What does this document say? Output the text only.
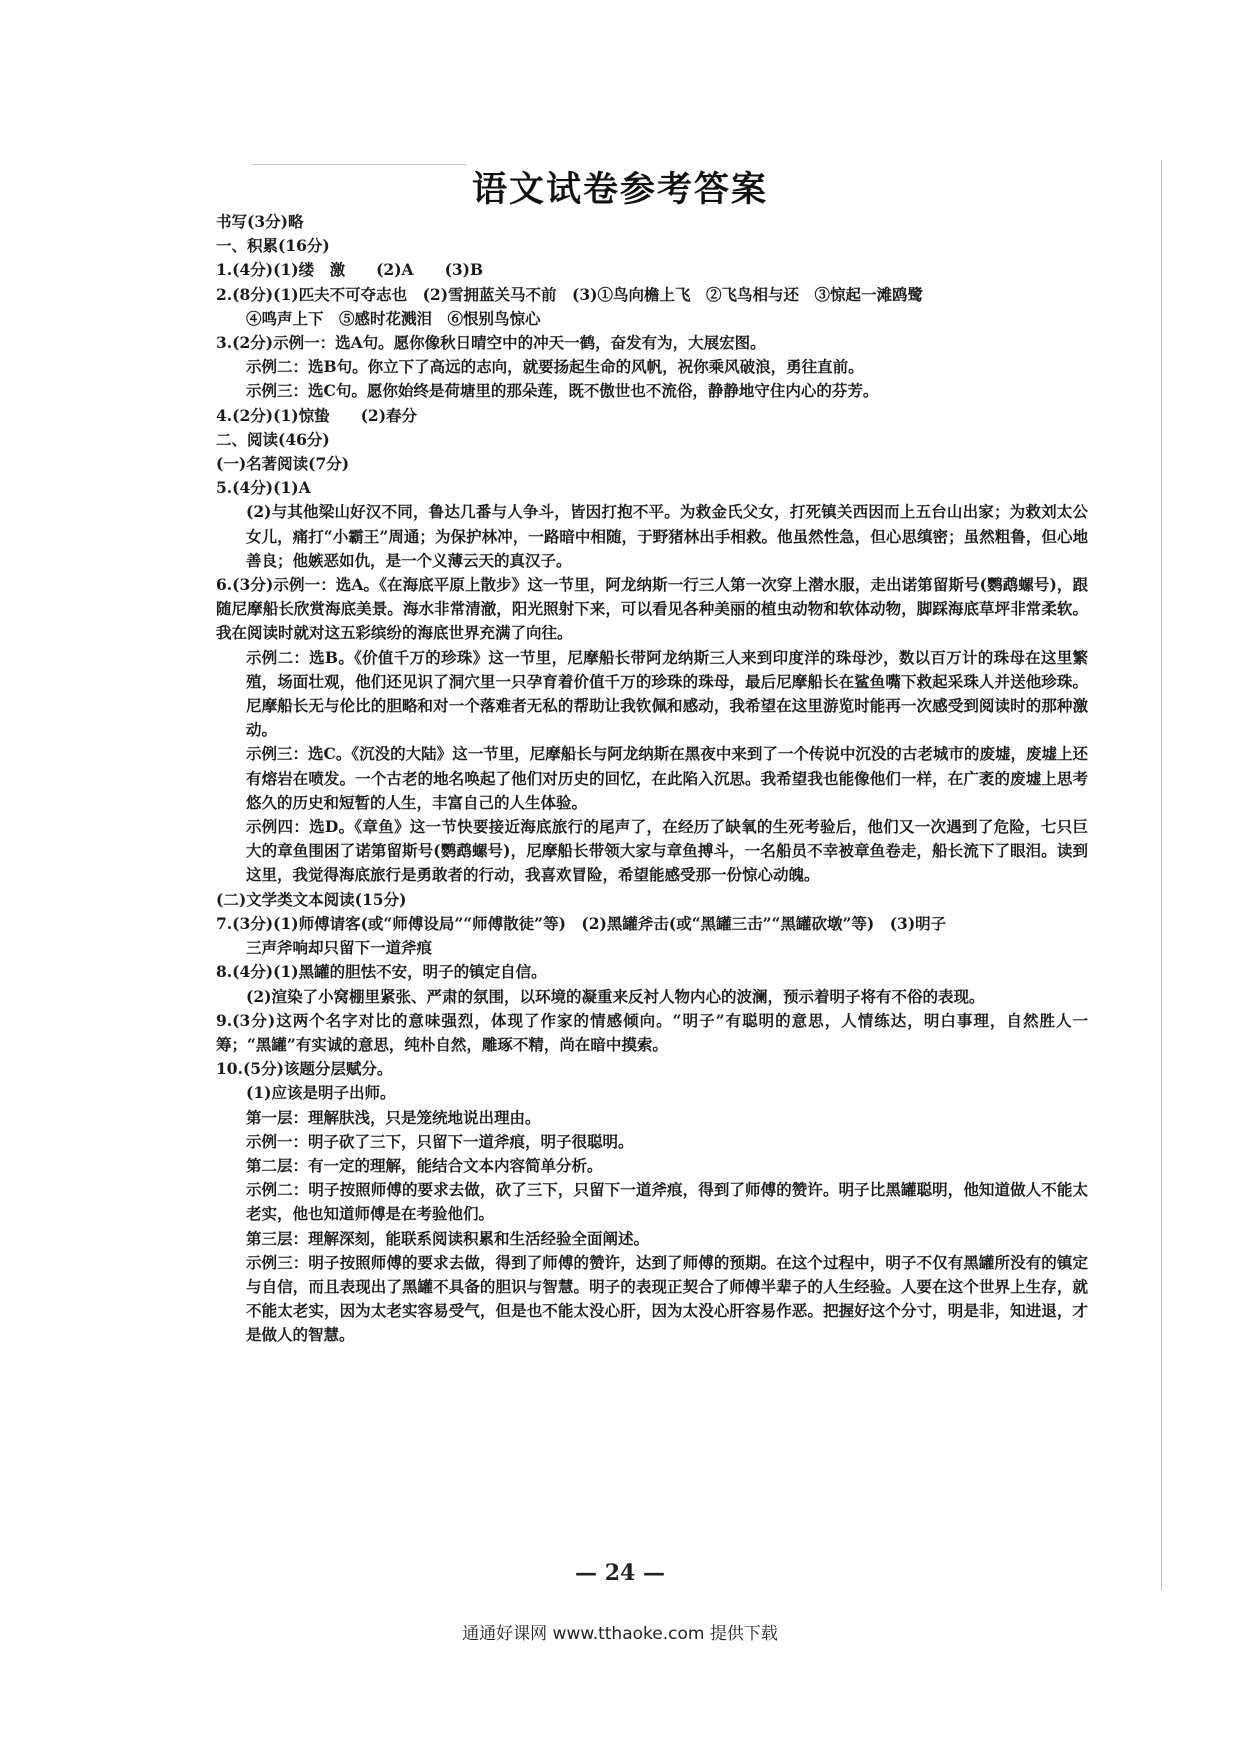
语文试卷参考答案
书写(3分)略
一、积累(16分)
1.(4分)(1)缕　激　　(2)A　　(3)B
2.(8分)(1)匹夫不可夺志也　(2)雪拥蓝关马不前　(3)①鸟向檐上飞　②飞鸟相与还　③惊起一滩鸥鹭
④鸣声上下　⑤感时花溅泪　⑥恨别鸟惊心
3.(2分)示例一：选A句。愿你像秋日晴空中的冲天一鹤，奋发有为，大展宏图。
示例二：选B句。你立下了高远的志向，就要扬起生命的风帆，祝你乘风破浪，勇往直前。
示例三：选C句。愿你始终是荷塘里的那朵莲，既不傲世也不流俗，静静地守住内心的芬芳。
4.(2分)(1)惊蛰　　(2)春分
二、阅读(46分)
(一)名著阅读(7分)
5.(4分)(1)A
(2)与其他梁山好汉不同，鲁达几番与人争斗，皆因打抱不平。为救金氏父女，打死镇关西因而上五台山出家；为救刘太公女儿，痛打“小霸王”周通；为保护林冲，一路暗中相随，于野猪林出手相救。他虽然性急，但心思缜密；虽然粗鲁，但心地善良；他嫉恶如仇，是一个义薄云天的真汉子。
6.(3分)示例一：选A。《在海底平原上散步》这一节里，阿龙纳斯一行三人第一次穿上潜水服，走出诺第留斯号(鹦鹉螺号)，跟随尼摩船长欣赏海底美景。海水非常清澈，阳光照射下来，可以看见各种美丽的植虫动物和软体动物，脚踩海底草坪非常柔软。我在阅读时就对这五彩缤纷的海底世界充满了向往。
示例二：选B。《价值千万的珍珠》这一节里，尼摩船长带阿龙纳斯三人来到印度洋的珠母沙，数以百万计的珠母在这里繁殖，场面壮观，他们还见识了洞穴里一只孕育着价值千万的珍珠的珠母，最后尼摩船长在鲨鱼嘴下救起采珠人并送他珍珠。尼摩船长无与伦比的胆略和对一个落难者无私的帮助让我钦佩和感动，我希望在这里游览时能再一次感受到阅读时的那种激动。
示例三：选C。《沉没的大陆》这一节里，尼摩船长与阿龙纳斯在黑夜中来到了一个传说中沉没的古老城市的废墟，废墟上还有熔岩在喷发。一个古老的地名唤起了他们对历史的回忆，在此陷入沉思。我希望我也能像他们一样，在广袤的废墟上思考悠久的历史和短暂的人生，丰富自己的人生体验。
示例四：选D。《章鱼》这一节快要接近海底旅行的尾声了，在经历了缺氧的生死考验后，他们又一次遇到了危险，七只巨大的章鱼围困了诺第留斯号(鹦鹉螺号)，尼摩船长带领大家与章鱼搏斗，一名船员不幸被章鱼卷走，船长流下了眼泪。读到这里，我觉得海底旅行是勇敢者的行动，我喜欢冒险，希望能感受那一份惊心动魄。
(二)文学类文本阅读(15分)
7.(3分)(1)师傅请客(或“师傅设局”“师傅散徒”等)　(2)黑罐斧击(或“黑罐三击”“黑罐砍墩”等)　(3)明子
三声斧响却只留下一道斧痕
8.(4分)(1)黑罐的胆怯不安，明子的镇定自信。
(2)渲染了小窝棚里紧张、严肃的氛围，以环境的凝重来反衬人物内心的波澜，预示着明子将有不俗的表现。
9.(3分)这两个名字对比的意味强烈，体现了作家的情感倾向。“明子”有聪明的意思，人情练达，明白事理，自然胜人一筹；“黑罐”有实诚的意思，纯朴自然，雕琢不精，尚在暗中摸索。
10.(5分)该题分层赋分。
(1)应该是明子出师。
第一层：理解肤浅，只是笼统地说出理由。
示例一：明子砍了三下，只留下一道斧痕，明子很聪明。
第二层：有一定的理解，能结合文本内容简单分析。
示例二：明子按照师傅的要求去做，砍了三下，只留下一道斧痕，得到了师傅的赞许。明子比黑罐聪明，他知道做人不能太老实，他也知道师傅是在考验他们。
第三层：理解深刻，能联系阅读积累和生活经验全面阐述。
示例三：明子按照师傅的要求去做，得到了师傅的赞许，达到了师傅的预期。在这个过程中，明子不仅有黑罐所没有的镇定与自信，而且表现出了黑罐不具备的胆识与智慧。明子的表现正契合了师傅半辈子的人生经验。人要在这个世界上生存，就不能太老实，因为太老实容易受气，但是也不能太没心肝，因为太没心肝容易作恶。把握好这个分寸，明是非，知进退，才是做人的智慧。
— 24 —
通通好课网 www.tthaoke.com 提供下载
